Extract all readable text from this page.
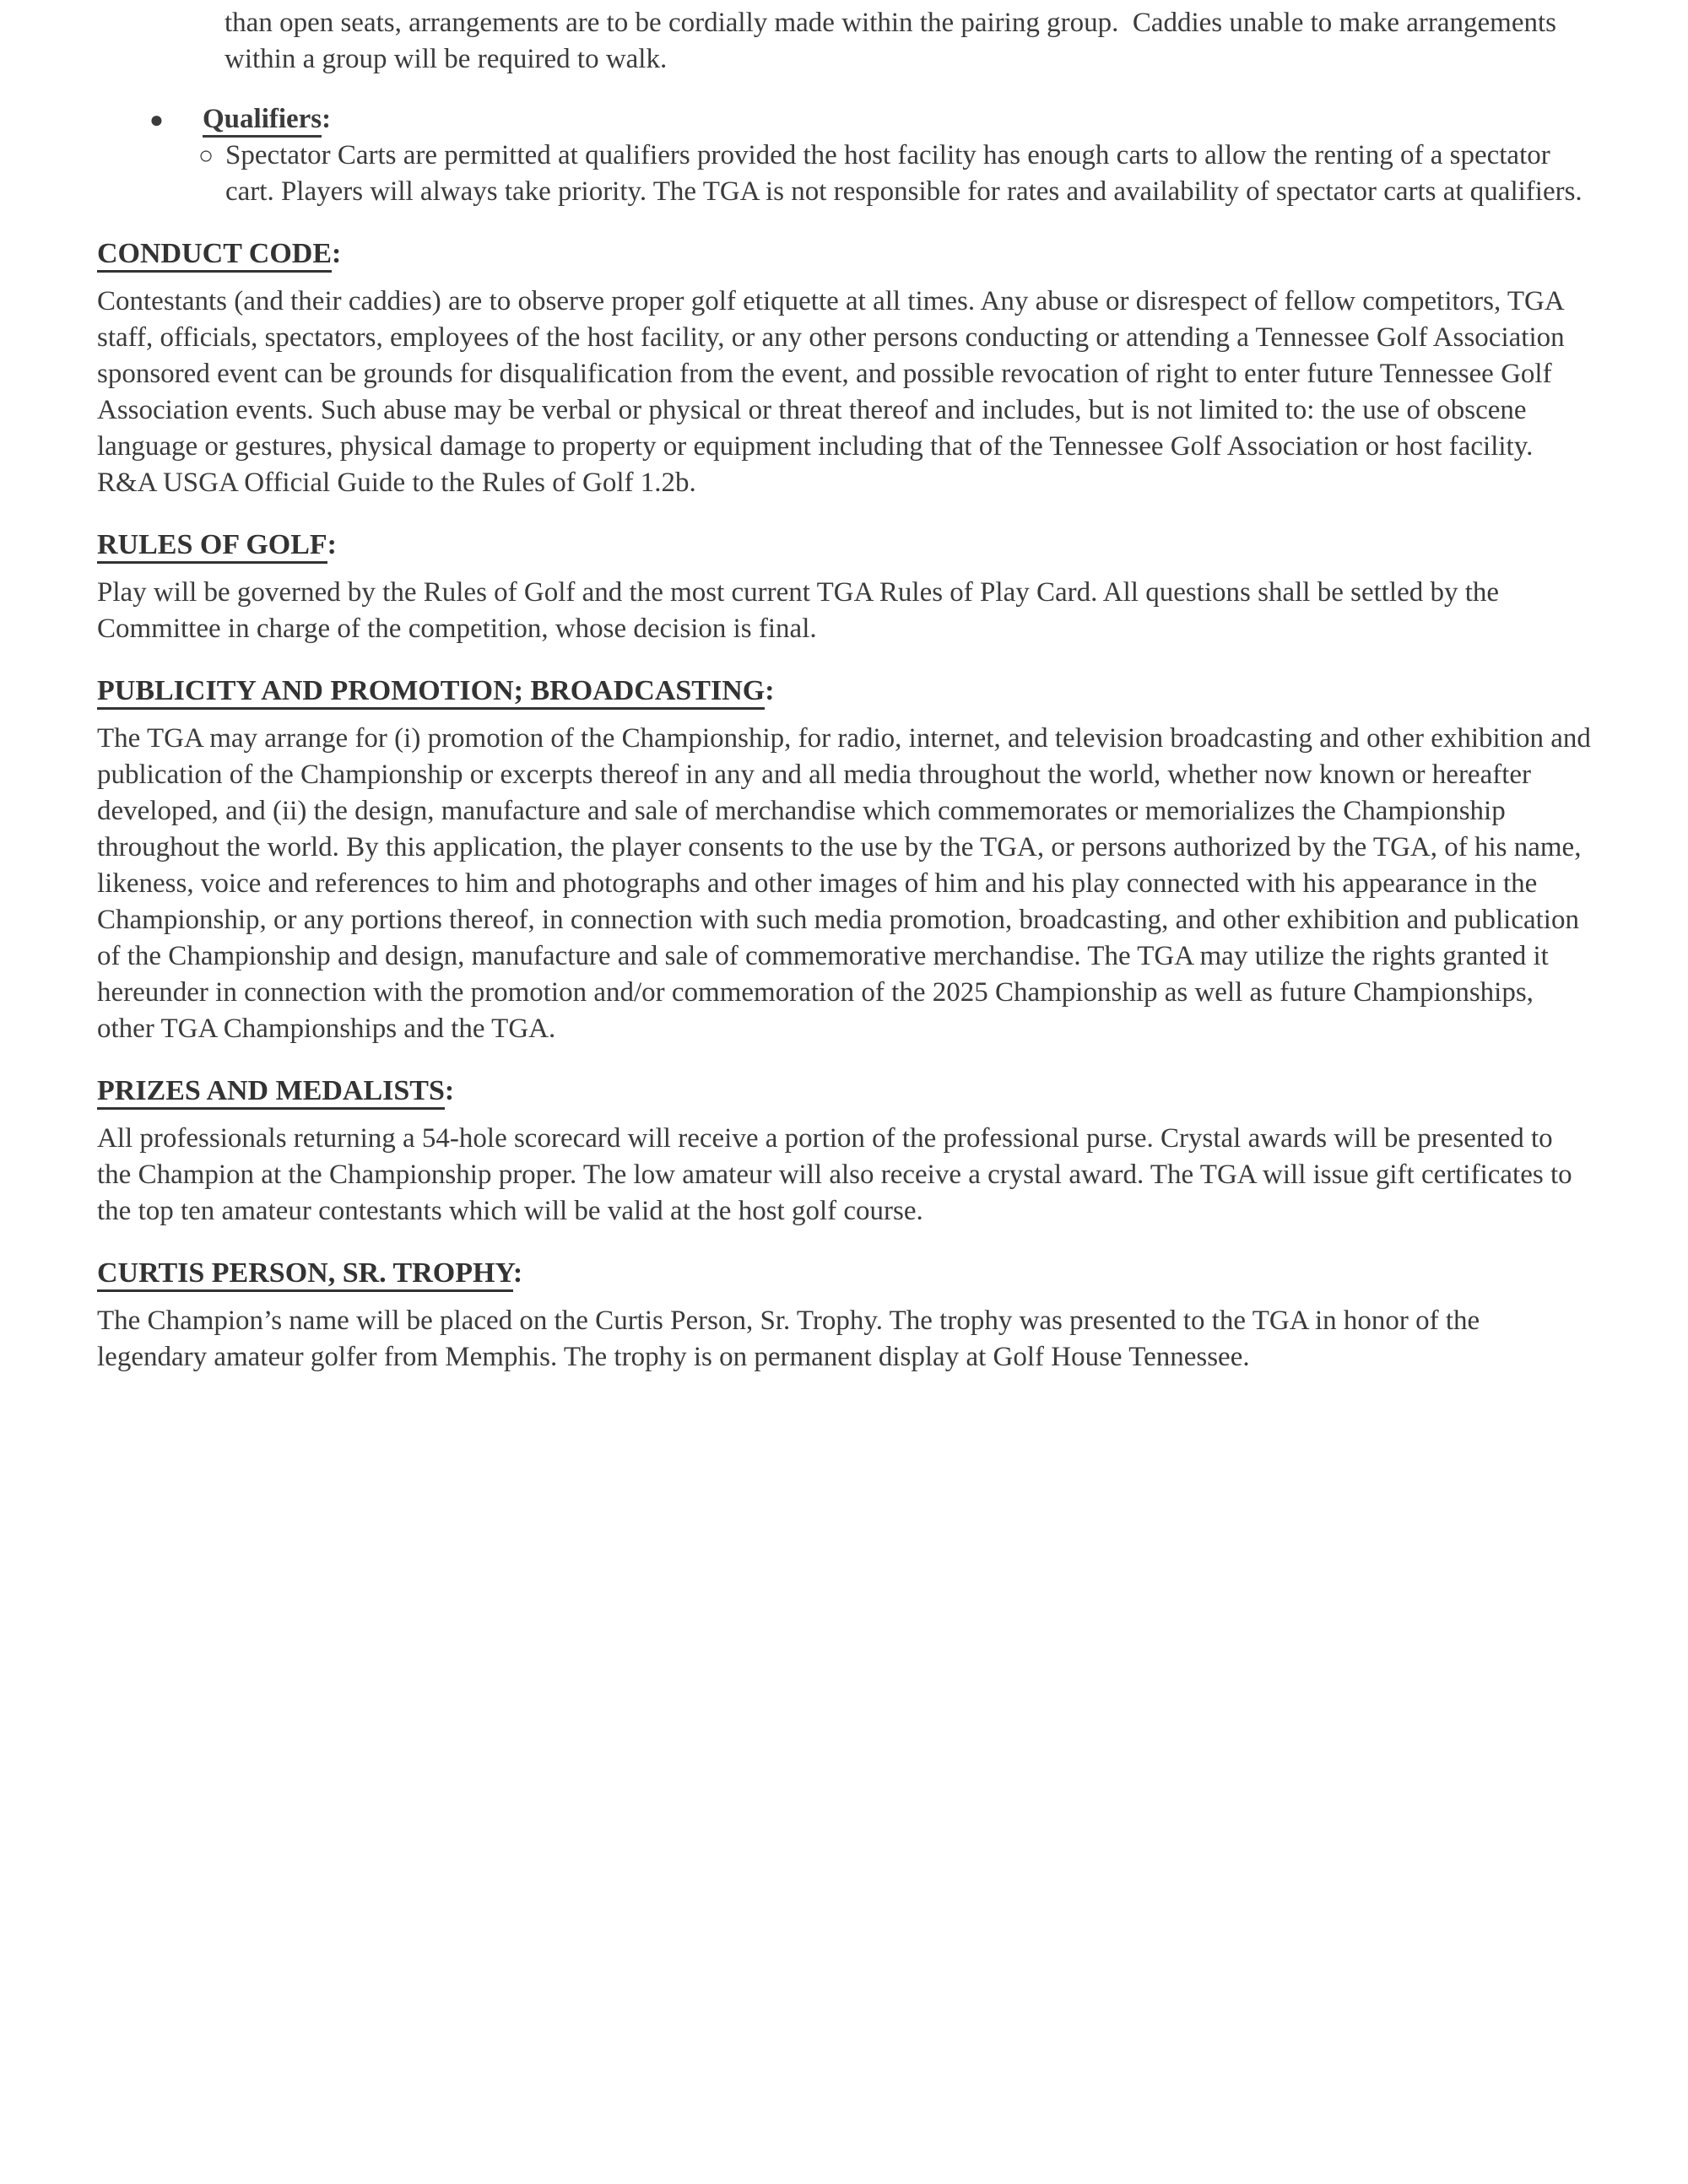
than open seats, arrangements are to be cordially made within the pairing group.  Caddies unable to make arrangements within a group will be required to walk.

● Qualifiers:
○ Spectator Carts are permitted at qualifiers provided the host facility has enough carts to allow the renting of a spectator cart. Players will always take priority. The TGA is not responsible for rates and availability of spectator carts at qualifiers.
CONDUCT CODE:

Contestants (and their caddies) are to observe proper golf etiquette at all times. Any abuse or disrespect of fellow competitors, TGA staff, officials, spectators, employees of the host facility, or any other persons conducting or attending a Tennessee Golf Association sponsored event can be grounds for disqualification from the event, and possible revocation of right to enter future Tennessee Golf Association events. Such abuse may be verbal or physical or threat thereof and includes, but is not limited to: the use of obscene language or gestures, physical damage to property or equipment including that of the Tennessee Golf Association or host facility. R&A USGA Official Guide to the Rules of Golf 1.2b.

RULES OF GOLF:

Play will be governed by the Rules of Golf and the most current TGA Rules of Play Card. All questions shall be settled by the Committee in charge of the competition, whose decision is final.

PUBLICITY AND PROMOTION; BROADCASTING:

The TGA may arrange for (i) promotion of the Championship, for radio, internet, and television broadcasting and other exhibition and publication of the Championship or excerpts thereof in any and all media throughout the world, whether now known or hereafter developed, and (ii) the design, manufacture and sale of merchandise which commemorates or memorializes the Championship throughout the world. By this application, the player consents to the use by the TGA, or persons authorized by the TGA, of his name, likeness, voice and references to him and photographs and other images of him and his play connected with his appearance in the Championship, or any portions thereof, in connection with such media promotion, broadcasting, and other exhibition and publication of the Championship and design, manufacture and sale of commemorative merchandise. The TGA may utilize the rights granted it hereunder in connection with the promotion and/or commemoration of the 2025 Championship as well as future Championships, other TGA Championships and the TGA.

PRIZES AND MEDALISTS:

All professionals returning a 54-hole scorecard will receive a portion of the professional purse. Crystal awards will be presented to the Champion at the Championship proper. The low amateur will also receive a crystal award. The TGA will issue gift certificates to the top ten amateur contestants which will be valid at the host golf course.

CURTIS PERSON, SR. TROPHY:

The Champion’s name will be placed on the Curtis Person, Sr. Trophy. The trophy was presented to the TGA in honor of the legendary amateur golfer from Memphis. The trophy is on permanent display at Golf House Tennessee.
